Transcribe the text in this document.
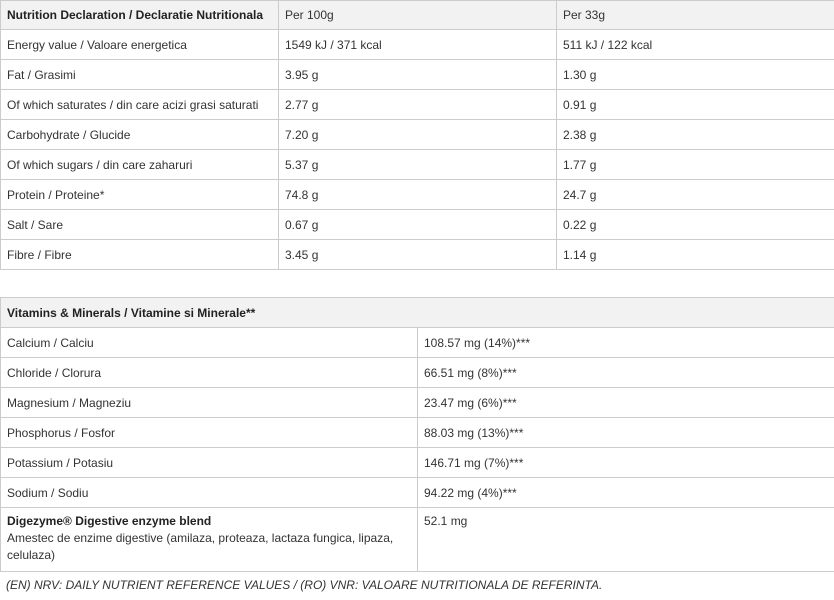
Nutrition Declaration / Declaratie Nutritionala	Per 100g	Per 33g
Energy value / Valoare energetica	1549 kJ / 371 kcal	511 kJ / 122 kcal
Fat / Grasimi	3.95 g	1.30 g
Of which saturates / din care acizi grasi saturati	2.77 g	0.91 g
Carbohydrate / Glucide	7.20 g	2.38 g
Of which sugars / din care zaharuri	5.37 g	1.77 g
Protein / Proteine*	74.8 g	24.7 g
Salt / Sare	0.67 g	0.22 g
Fibre / Fibre	3.45 g	1.14 g
Vitamins & Minerals / Vitamine si Minerale**	
Calcium / Calciu	108.57 mg (14%)***
Chloride / Clorura	66.51 mg (8%)***
Magnesium / Magneziu	23.47 mg (6%)***
Phosphorus / Fosfor	88.03 mg (13%)***
Potassium / Potasiu	146.71 mg (7%)***
Sodium / Sodiu	94.22 mg (4%)***

Digezyme® Digestive enzyme blend
Amestec de enzime digestive (amilaza, proteaza, lactaza fungica, lipaza, celulaza)	52.1 mg
(EN) NRV: DAILY NUTRIENT REFERENCE VALUES / (RO) VNR: VALOARE NUTRITIONALA DE REFERINTA.
